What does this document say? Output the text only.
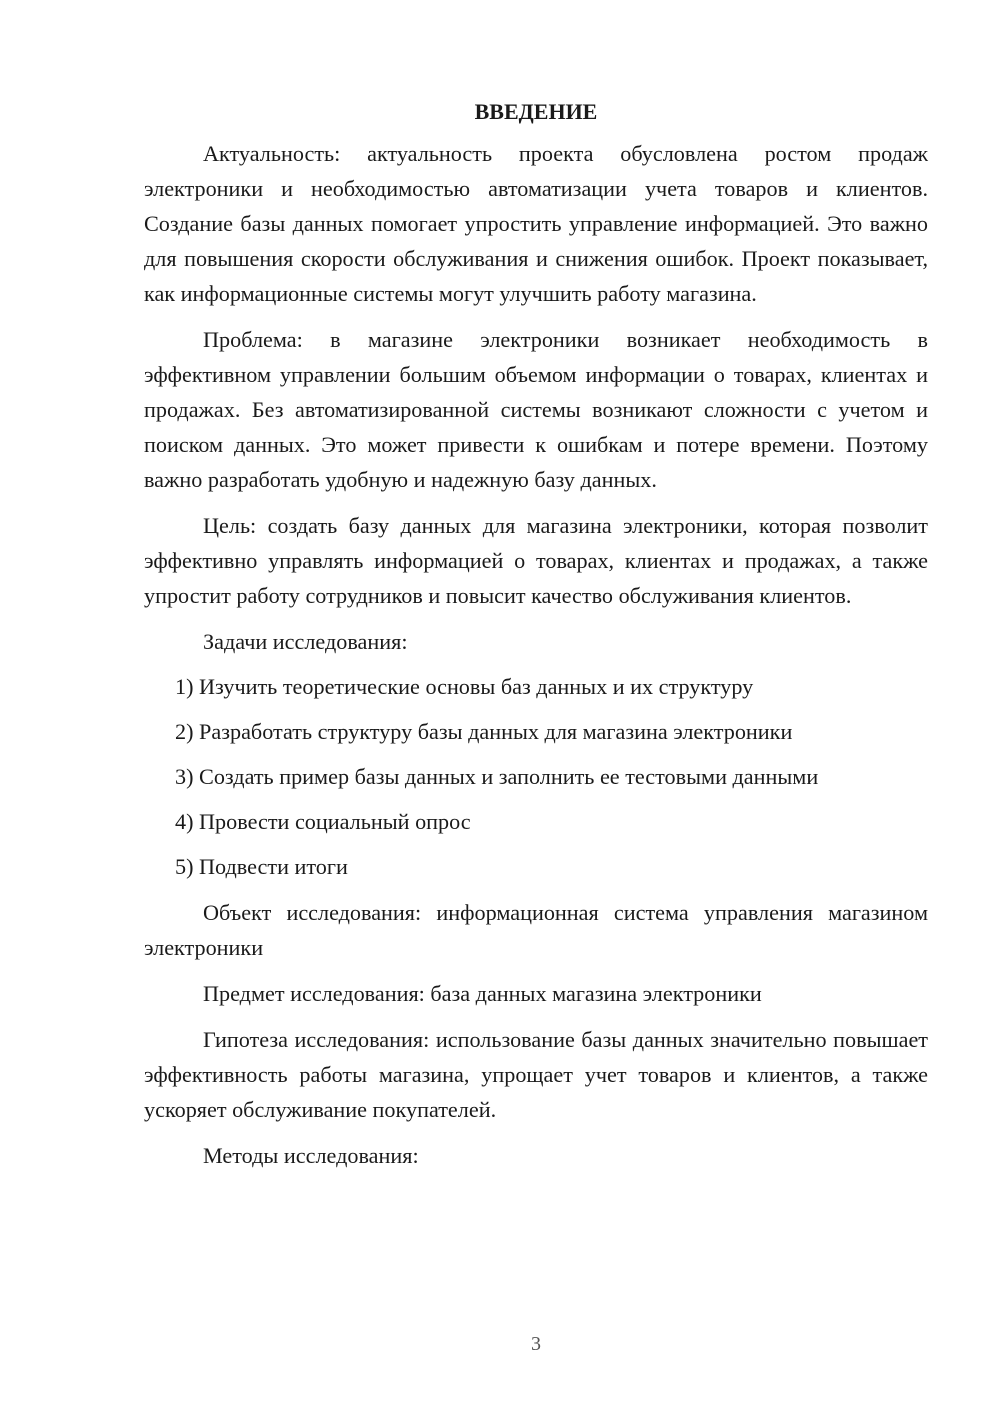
ВВЕДЕНИЕ

Актуальность: актуальность проекта обусловлена ростом продаж электроники и необходимостью автоматизации учета товаров и клиентов. Создание базы данных помогает упростить управление информацией. Это важно для повышения скорости обслуживания и снижения ошибок. Проект показывает, как информационные системы могут улучшить работу магазина.

Проблема: в магазине электроники возникает необходимость в эффективном управлении большим объемом информации о товарах, клиентах и продажах. Без автоматизированной системы возникают сложности с учетом и поиском данных. Это может привести к ошибкам и потере времени. Поэтому важно разработать удобную и надежную базу данных.

Цель: создать базу данных для магазина электроники, которая позволит эффективно управлять информацией о товарах, клиентах и продажах, а также упростит работу сотрудников и повысит качество обслуживания клиентов.

Задачи исследования:

1) Изучить теоретические основы баз данных и их структуру

2) Разработать структуру базы данных для магазина электроники

3) Создать пример базы данных и заполнить ее тестовыми данными

4) Провести социальный опрос

5) Подвести итоги

Объект исследования: информационная система управления магазином электроники

Предмет исследования: база данных магазина электроники

Гипотеза исследования: использование базы данных значительно повышает эффективность работы магазина, упрощает учет товаров и клиентов, а также ускоряет обслуживание покупателей.

Методы исследования:

3
